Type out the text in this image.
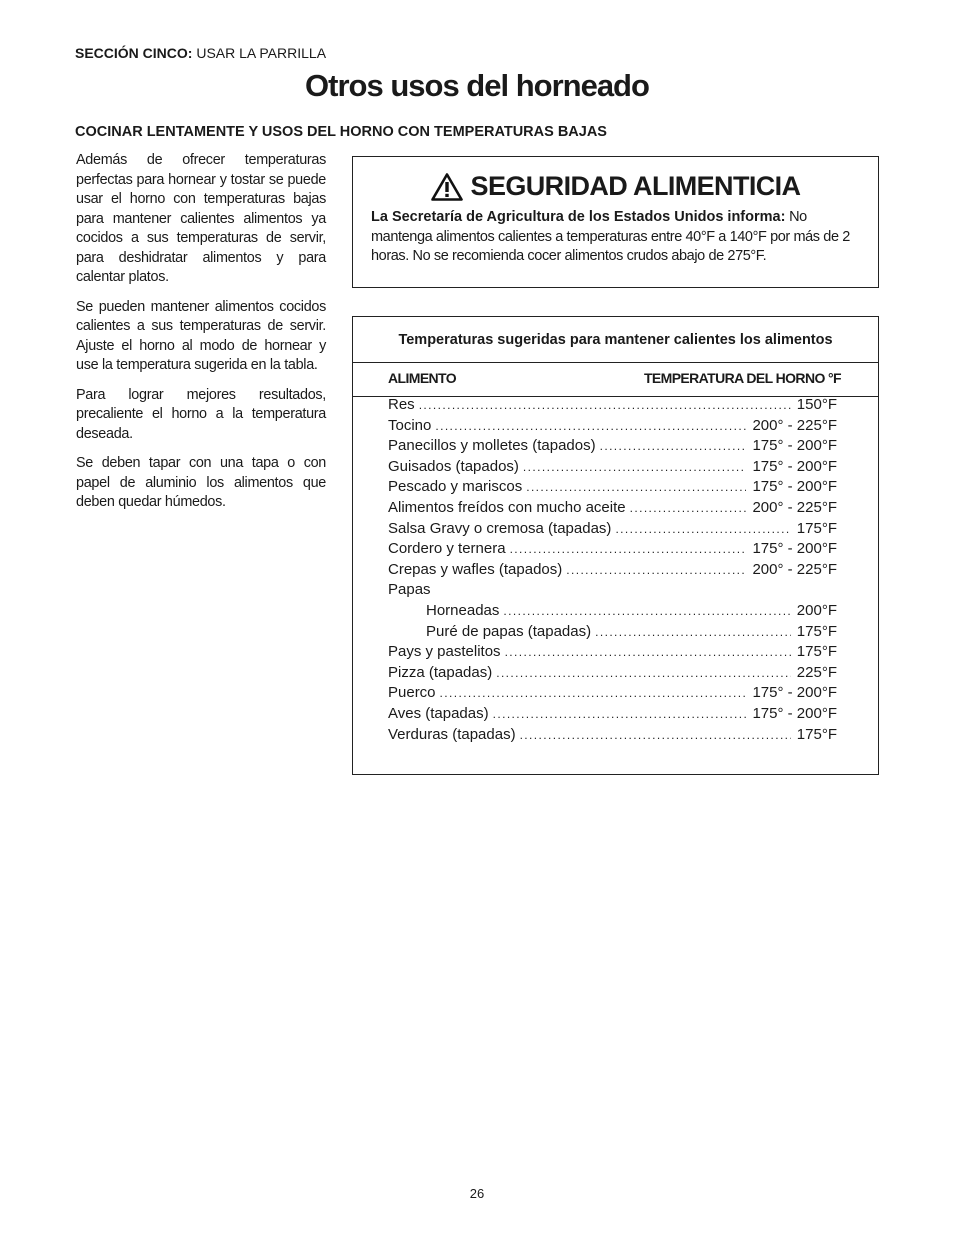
SECCIÓN CINCO: USAR LA PARRILLA
Otros usos del horneado
COCINAR LENTAMENTE Y USOS DEL HORNO CON TEMPERATURAS BAJAS

Además de ofrecer temperaturas perfectas para hornear y tostar se puede usar el horno con temperaturas bajas para mantener calientes alimentos ya cocidos a sus temperaturas de servir, para deshidratar alimentos y para calentar platos.

Se pueden mantener alimentos cocidos calientes a sus temperaturas de servir. Ajuste el horno al modo de hornear y use la temperatura sugerida en la tabla.

Para lograr mejores resultados, precaliente el horno a la temperatura deseada.

Se deben tapar con una tapa o con papel de aluminio los alimentos que deben quedar húmedos.

SEGURIDAD ALIMENTICIA
La Secretaría de Agricultura de los Estados Unidos informa: No mantenga alimentos calientes a temperaturas entre 40°F a 140°F por más de 2 horas. No se recomienda cocer alimentos crudos abajo de 275°F.
Temperaturas sugeridas para mantener calientes los alimentos
ALIMENTO	TEMPERATURA DEL HORNO °F
Res .....	150°F
Tocino .....	200° - 225°F
Panecillos y molletes (tapados) .....	175° - 200°F
Guisados (tapados) .....	175° - 200°F
Pescado y mariscos .....	175° - 200°F
Alimentos freídos con mucho aceite .....	200° - 225°F
Salsa Gravy o cremosa (tapadas) .....	175°F
Cordero y ternera .....	175° - 200°F
Crepas y wafles (tapados) .....	200° - 225°F
Papas
Horneadas .....	200°F
Puré de papas (tapadas) .....	175°F
Pays y pastelitos .....	175°F
Pizza (tapadas) .....	225°F
Puerco .....	175° - 200°F
Aves (tapadas) .....	175° - 200°F
Verduras (tapadas) .....	175°F
26
